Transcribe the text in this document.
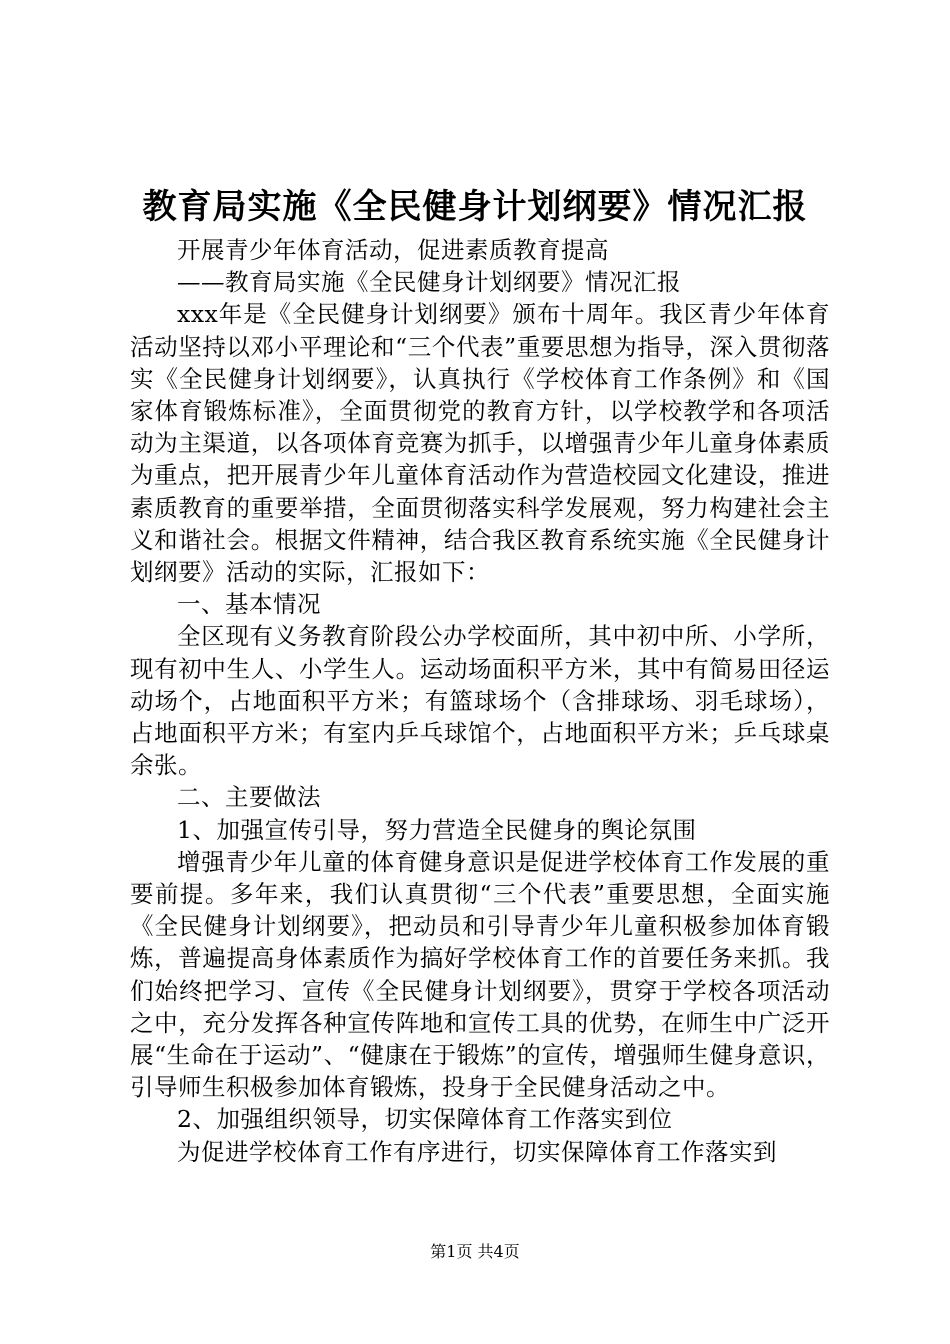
教育局实施《全民健身计划纲要》情况汇报

开展青少年体育活动，促进素质教育提高

——教育局实施《全民健身计划纲要》情况汇报

xxx年是《全民健身计划纲要》颁布十周年。我区青少年体育活动坚持以邓小平理论和“三个代表”重要思想为指导，深入贯彻落实《全民健身计划纲要》，认真执行《学校体育工作条例》和《国家体育锻炼标准》，全面贯彻党的教育方针，以学校教学和各项活动为主渠道，以各项体育竞赛为抓手，以增强青少年儿童身体素质为重点，把开展青少年儿童体育活动作为营造校园文化建设，推进素质教育的重要举措，全面贯彻落实科学发展观，努力构建社会主义和谐社会。根据文件精神，结合我区教育系统实施《全民健身计划纲要》活动的实际，汇报如下：

一、基本情况

全区现有义务教育阶段公办学校面所，其中初中所、小学所，现有初中生人、小学生人。运动场面积平方米，其中有简易田径运动场个，占地面积平方米；有篮球场个（含排球场、羽毛球场），占地面积平方米；有室内乒乓球馆个，占地面积平方米；乒乓球桌余张。

二、主要做法

1、加强宣传引导，努力营造全民健身的舆论氛围

增强青少年儿童的体育健身意识是促进学校体育工作发展的重要前提。多年来，我们认真贯彻“三个代表”重要思想，全面实施《全民健身计划纲要》，把动员和引导青少年儿童积极参加体育锻炼，普遍提高身体素质作为搞好学校体育工作的首要任务来抓。我们始终把学习、宣传《全民健身计划纲要》，贯穿于学校各项活动之中，充分发挥各种宣传阵地和宣传工具的优势，在师生中广泛开展“生命在于运动”、“健康在于锻炼”的宣传，增强师生健身意识，引导师生积极参加体育锻炼，投身于全民健身活动之中。

2、加强组织领导，切实保障体育工作落实到位

为促进学校体育工作有序进行，切实保障体育工作落实到

第1页 共4页
